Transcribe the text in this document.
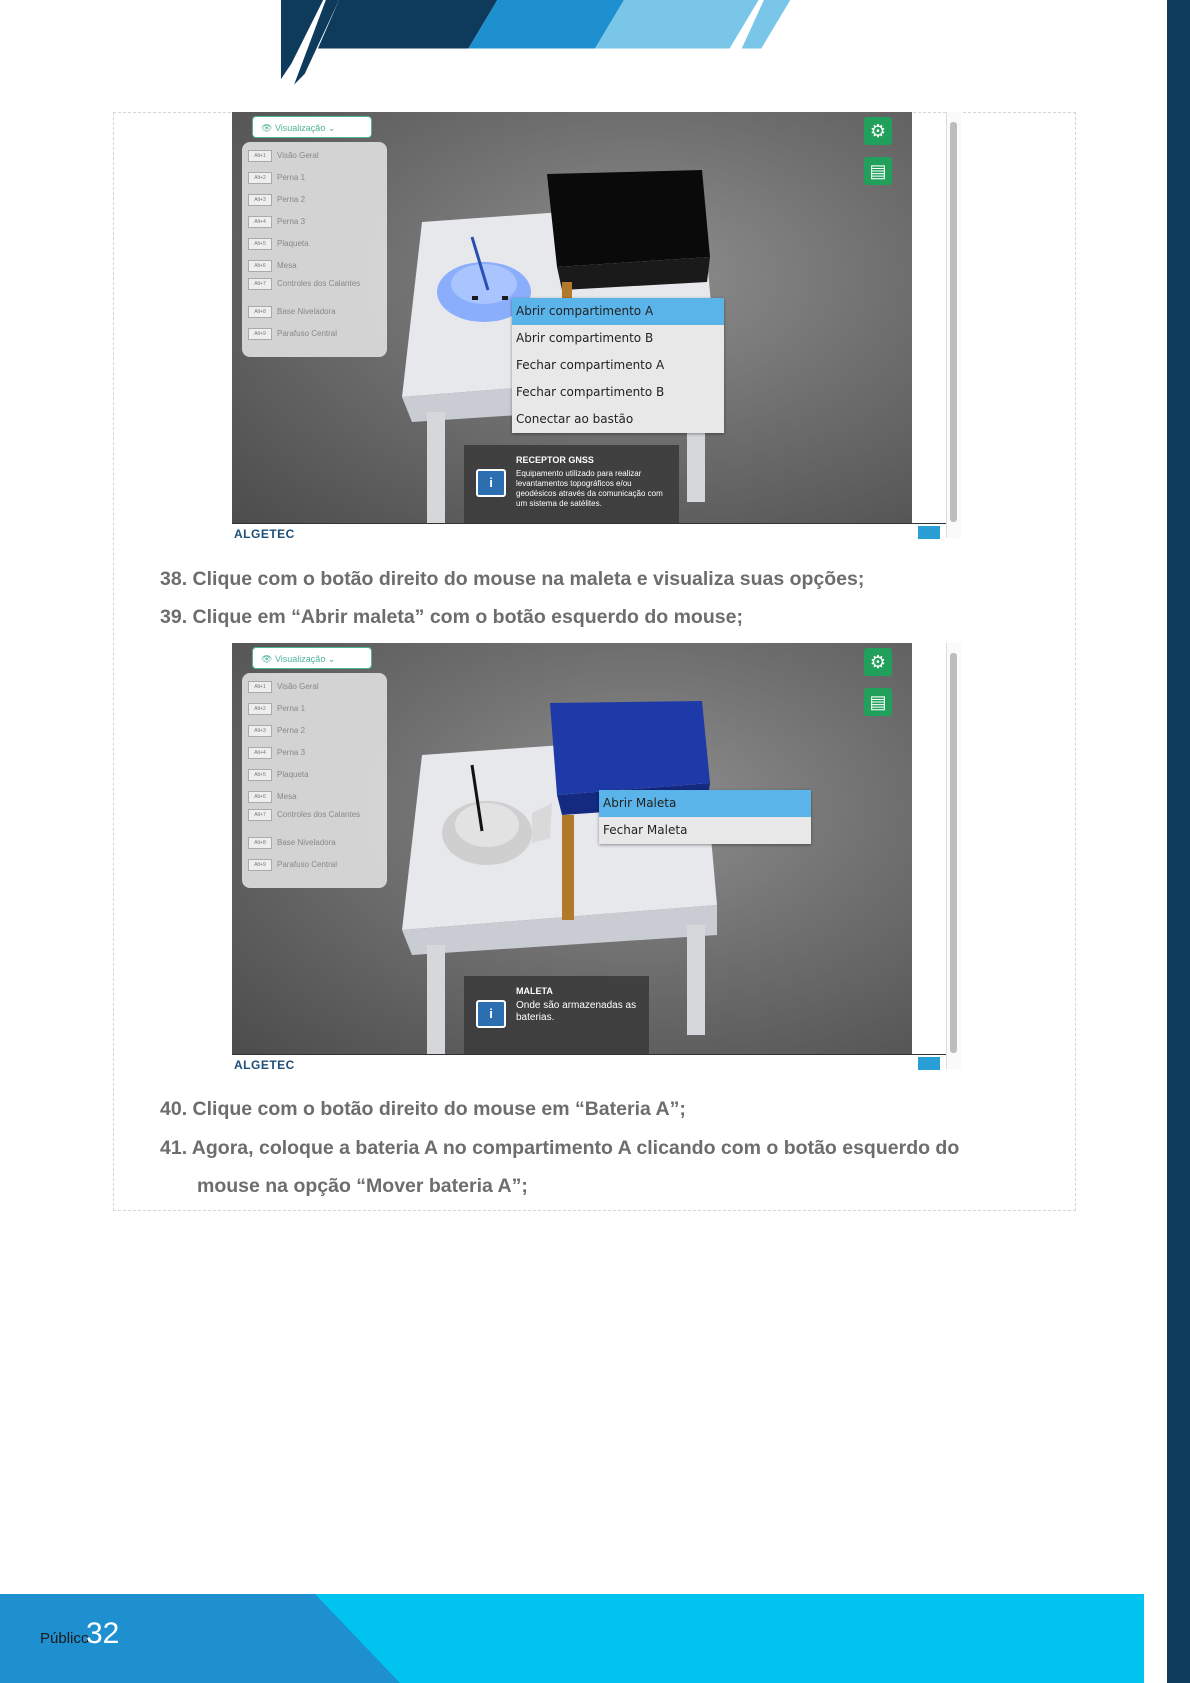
👁 Visualização ⌄
Alt+1 Visão Geral
Alt+2 Perna 1
Alt+3 Perna 2
Alt+4 Perna 3
Alt+5 Plaqueta
Alt+6 Mesa
Alt+7 Controles dos Calantes
Alt+8 Base Niveladora
Alt+9 Parafuso Central
⚙
▤
Abrir compartimento A
Abrir compartimento B
Fechar compartimento A
Fechar compartimento B
Conectar ao bastão
i
RECEPTOR GNSS
Equipamento utilizado para realizar levantamentos topográficos e/ou geodésicos através da comunicação com um sistema de satélites.
ALGETEC
38. Clique com o botão direito do mouse na maleta e visualiza suas opções;
39. Clique em “Abrir maleta” com o botão esquerdo do mouse;
👁 Visualização ⌄
Alt+1 Visão Geral
Alt+2 Perna 1
Alt+3 Perna 2
Alt+4 Perna 3
Alt+5 Plaqueta
Alt+6 Mesa
Alt+7 Controles dos Calantes
Alt+8 Base Niveladora
Alt+9 Parafuso Central
⚙
▤
Abrir Maleta
Fechar Maleta
i
MALETA
Onde são armazenadas as baterias.
ALGETEC
40. Clique com o botão direito do mouse em “Bateria A”;
41. Agora, coloque a bateria A no compartimento A clicando com o botão esquerdo do
mouse na opção “Mover bateria A”;
Público
32
